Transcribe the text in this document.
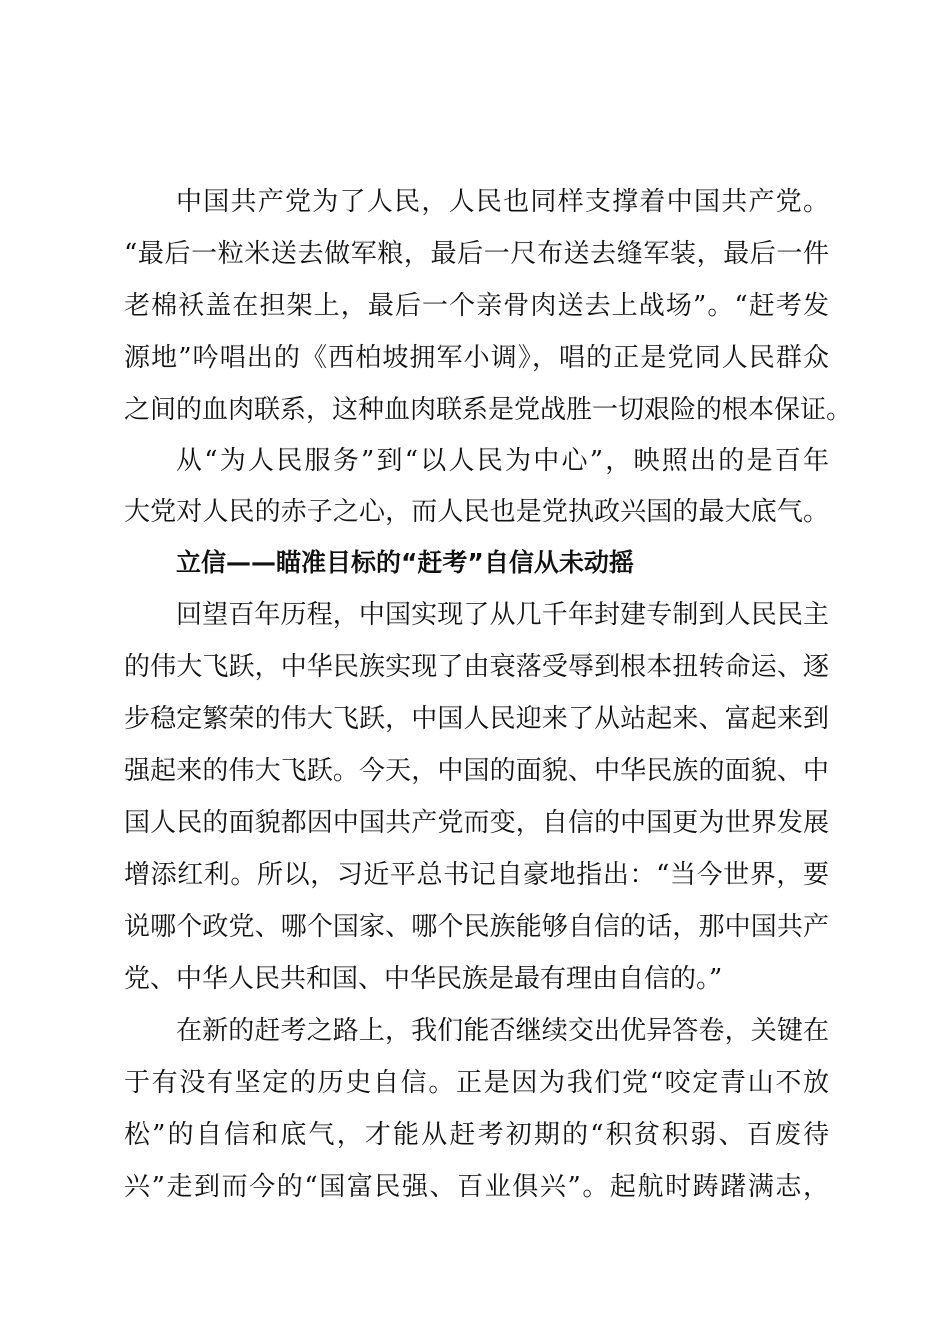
中国共产党为了人民，人民也同样支撑着中国共产党。
“最后一粒米送去做军粮，最后一尺布送去缝军装，最后一件
老棉袄盖在担架上，最后一个亲骨肉送去上战场”。“赶考发
源地”吟唱出的《西柏坡拥军小调》，唱的正是党同人民群众
之间的血肉联系，这种血肉联系是党战胜一切艰险的根本保证。
从“为人民服务”到“以人民为中心”，映照出的是百年
大党对人民的赤子之心，而人民也是党执政兴国的最大底气。
立信——瞄准目标的“赶考”自信从未动摇
回望百年历程，中国实现了从几千年封建专制到人民民主
的伟大飞跃，中华民族实现了由衰落受辱到根本扭转命运、逐
步稳定繁荣的伟大飞跃，中国人民迎来了从站起来、富起来到
强起来的伟大飞跃。今天，中国的面貌、中华民族的面貌、中
国人民的面貌都因中国共产党而变，自信的中国更为世界发展
增添红利。所以，习近平总书记自豪地指出：“当今世界，要
说哪个政党、哪个国家、哪个民族能够自信的话，那中国共产
党、中华人民共和国、中华民族是最有理由自信的。”
在新的赶考之路上，我们能否继续交出优异答卷，关键在
于有没有坚定的历史自信。正是因为我们党“咬定青山不放
松”的自信和底气，才能从赶考初期的“积贫积弱、百废待
兴”走到而今的“国富民强、百业俱兴”。起航时踌躇满志，
